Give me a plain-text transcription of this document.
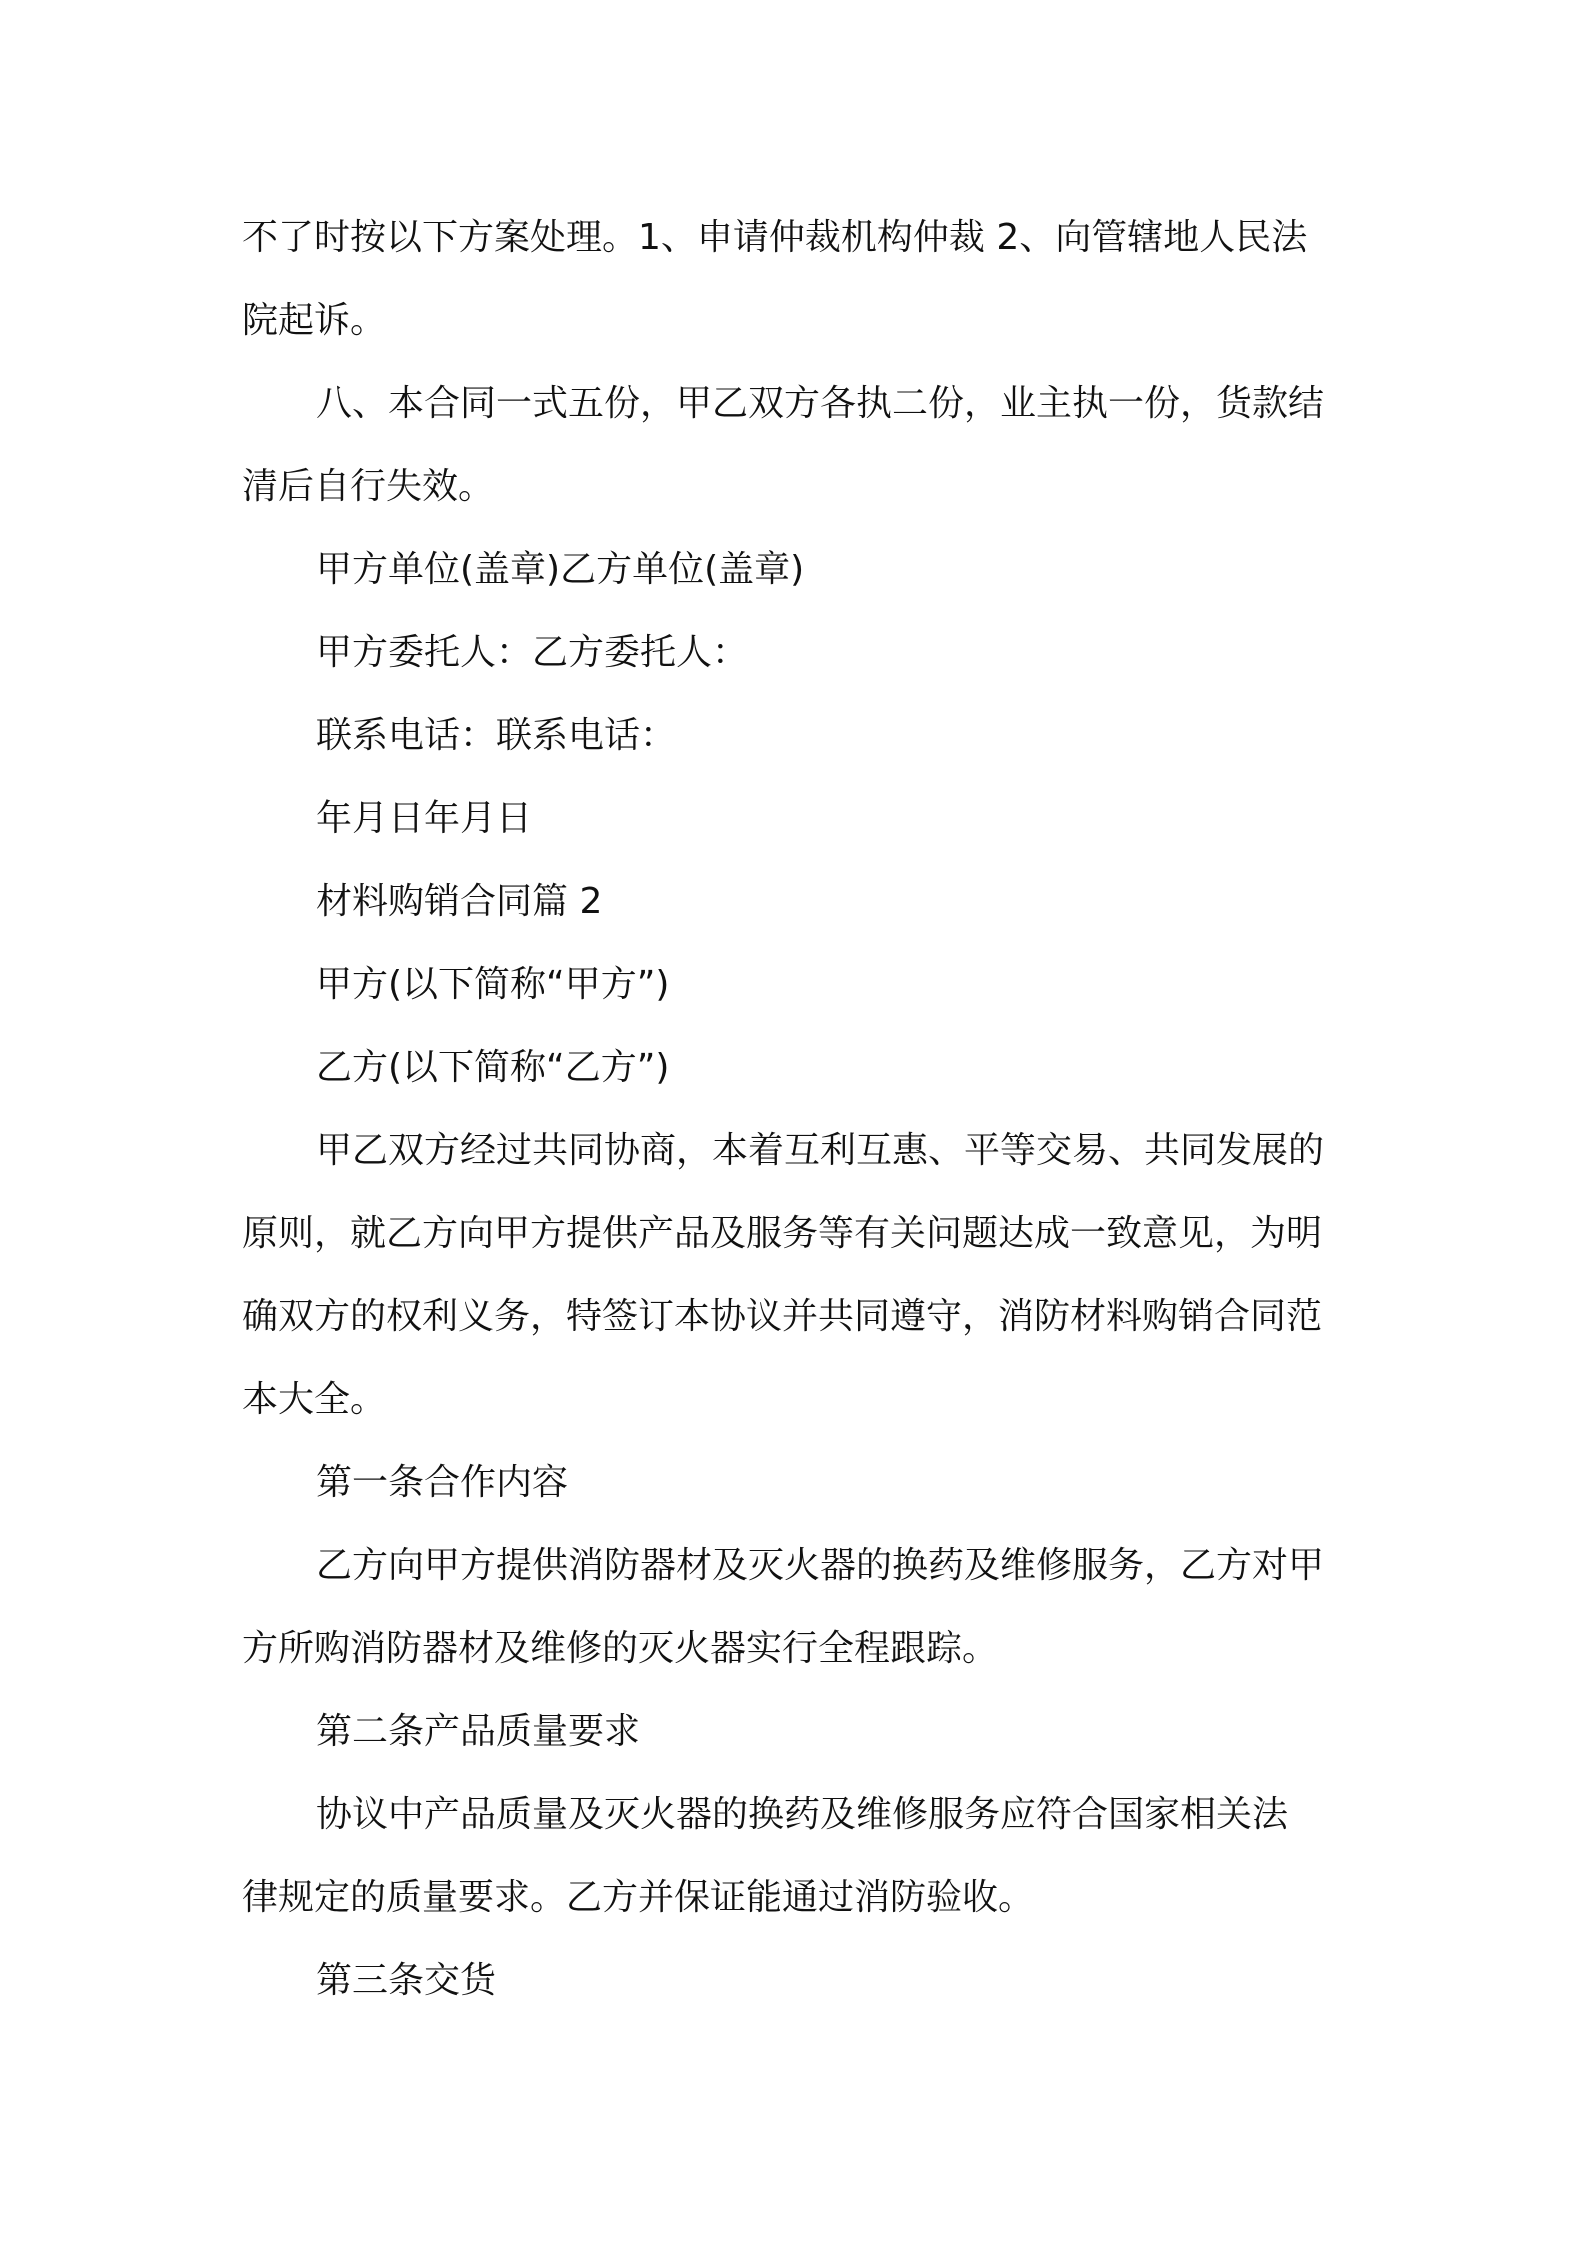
不了时按以下方案处理。1、申请仲裁机构仲裁 2、向管辖地人民法

院起诉。

八、本合同一式五份，甲乙双方各执二份，业主执一份，货款结

清后自行失效。

甲方单位(盖章)乙方单位(盖章)

甲方委托人：乙方委托人：

联系电话：联系电话：

年月日年月日

材料购销合同篇 2

甲方(以下简称“甲方”)

乙方(以下简称“乙方”)

甲乙双方经过共同协商，本着互利互惠、平等交易、共同发展的

原则，就乙方向甲方提供产品及服务等有关问题达成一致意见，为明

确双方的权利义务，特签订本协议并共同遵守，消防材料购销合同范

本大全。

第一条合作内容

乙方向甲方提供消防器材及灭火器的换药及维修服务，乙方对甲

方所购消防器材及维修的灭火器实行全程跟踪。

第二条产品质量要求

协议中产品质量及灭火器的换药及维修服务应符合国家相关法

律规定的质量要求。乙方并保证能通过消防验收。

第三条交货
